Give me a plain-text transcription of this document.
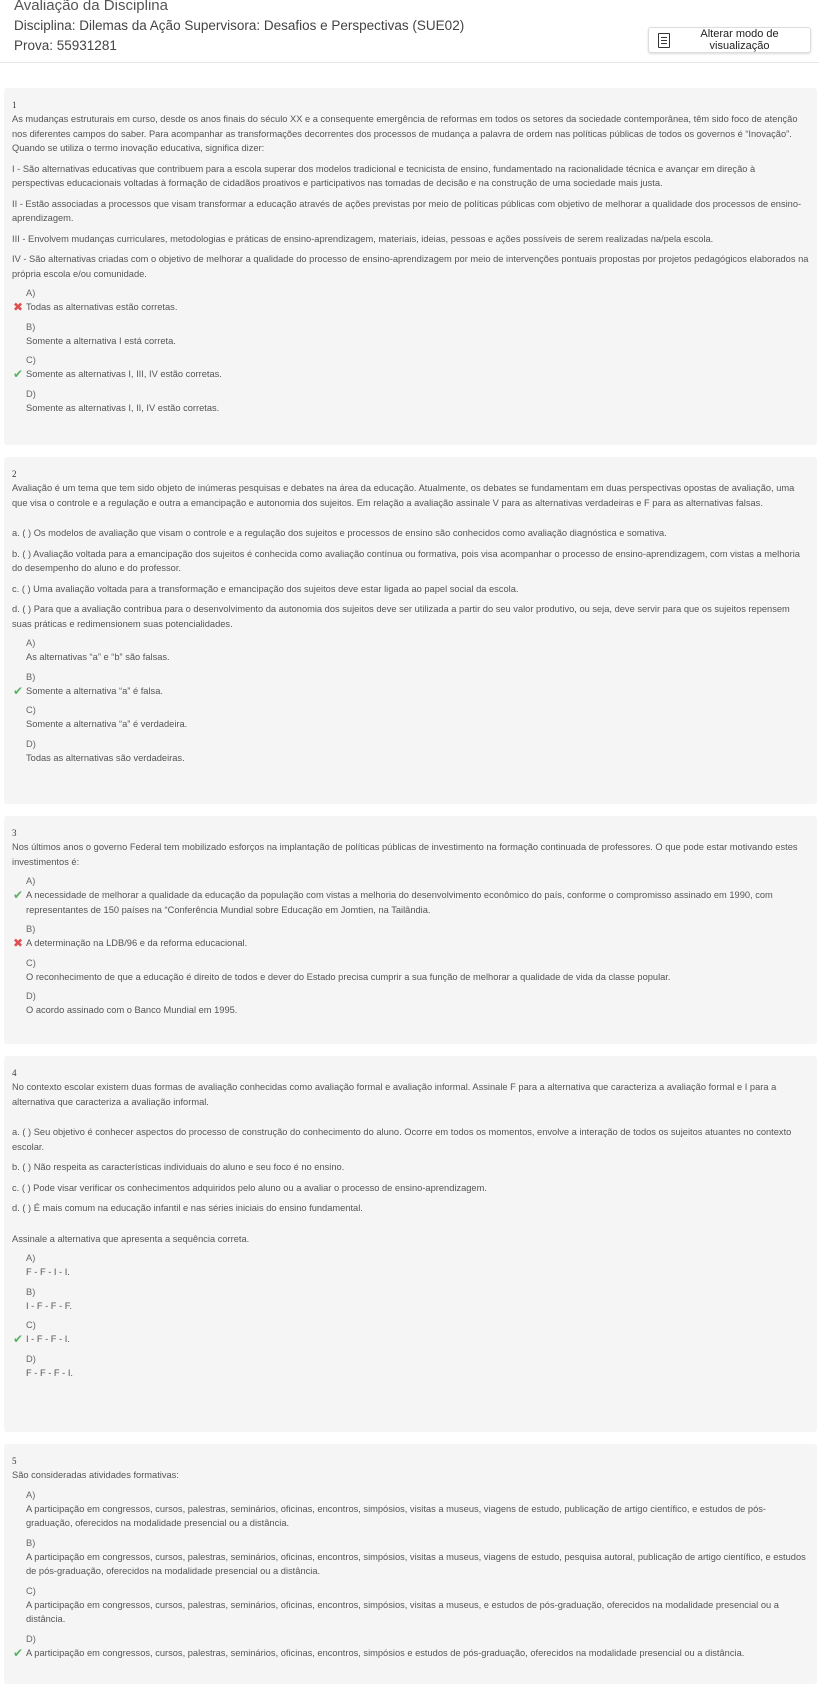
Avaliação da Disciplina
Disciplina: Dilemas da Ação Supervisora: Desafios e Perspectivas (SUE02)
Prova: 55931281
Alterar modo de visualização
1

As mudanças estruturais em curso, desde os anos finais do século XX e a consequente emergência de reformas em todos os setores da sociedade contemporânea, têm sido foco de atenção nos diferentes campos do saber. Para acompanhar as transformações decorrentes dos processos de mudança a palavra de ordem nas políticas públicas de todos os governos é “Inovação”. Quando se utiliza o termo inovação educativa, significa dizer:

I - São alternativas educativas que contribuem para a escola superar dos modelos tradicional e tecnicista de ensino, fundamentado na racionalidade técnica e avançar em direção à perspectivas educacionais voltadas à formação de cidadãos proativos e participativos nas tomadas de decisão e na construção de uma sociedade mais justa.

II - Estão associadas a processos que visam transformar a educação através de ações previstas por meio de políticas públicas com objetivo de melhorar a qualidade dos processos de ensino-aprendizagem.

III - Envolvem mudanças curriculares, metodologias e práticas de ensino-aprendizagem, materiais, ideias, pessoas e ações possíveis de serem realizadas na/pela escola.

IV - São alternativas criadas com o objetivo de melhorar a qualidade do processo de ensino-aprendizagem por meio de intervenções pontuais propostas por projetos pedagógicos elaborados na própria escola e/ou comunidade.

✖
A)
Todas as alternativas estão corretas.
B)
Somente a alternativa I está correta.
✔
C)
Somente as alternativas I, III, IV estão corretas.
D)
Somente as alternativas I, II, IV estão corretas.
2

Avaliação é um tema que tem sido objeto de inúmeras pesquisas e debates na área da educação. Atualmente, os debates se fundamentam em duas perspectivas opostas de avaliação, uma que visa o controle e a regulação e outra a emancipação e autonomia dos sujeitos. Em relação a avaliação assinale V para as alternativas verdadeiras e F para as alternativas falsas.

a. ( ) Os modelos de avaliação que visam o controle e a regulação dos sujeitos e processos de ensino são conhecidos como avaliação diagnóstica e somativa.

b. ( ) Avaliação voltada para a emancipação dos sujeitos é conhecida como avaliação contínua ou formativa, pois visa acompanhar o processo de ensino-aprendizagem, com vistas a melhoria do desempenho do aluno e do professor.

c. ( ) Uma avaliação voltada para a transformação e emancipação dos sujeitos deve estar ligada ao papel social da escola.

d. ( ) Para que a avaliação contribua para o desenvolvimento da autonomia dos sujeitos deve ser utilizada a partir do seu valor produtivo, ou seja, deve servir para que os sujeitos repensem suas práticas e redimensionem suas potencialidades.

A)
As alternativas “a” e “b” são falsas.
✔
B)
Somente a alternativa “a” é falsa.
C)
Somente a alternativa “a” é verdadeira.
D)
Todas as alternativas são verdadeiras.
3

Nos últimos anos o governo Federal tem mobilizado esforços na implantação de políticas públicas de investimento na formação continuada de professores. O que pode estar motivando estes investimentos é:

✔
A)
A necessidade de melhorar a qualidade da educação da população com vistas a melhoria do desenvolvimento econômico do país, conforme o compromisso assinado em 1990, com representantes de 150 países na “Conferência Mundial sobre Educação em Jomtien, na Tailândia.
✖
B)
A determinação na LDB/96 e da reforma educacional.
C)
O reconhecimento de que a educação é direito de todos e dever do Estado precisa cumprir a sua função de melhorar a qualidade de vida da classe popular.
D)
O acordo assinado com o Banco Mundial em 1995.
4

No contexto escolar existem duas formas de avaliação conhecidas como avaliação formal e avaliação informal. Assinale F para a alternativa que caracteriza a avaliação formal e I para a alternativa que caracteriza a avaliação informal.

a. ( ) Seu objetivo é conhecer aspectos do processo de construção do conhecimento do aluno. Ocorre em todos os momentos, envolve a interação de todos os sujeitos atuantes no contexto escolar.

b. ( ) Não respeita as características individuais do aluno e seu foco é no ensino.

c. ( ) Pode visar verificar os conhecimentos adquiridos pelo aluno ou a avaliar o processo de ensino-aprendizagem.

d. ( ) É mais comum na educação infantil e nas séries iniciais do ensino fundamental.

Assinale a alternativa que apresenta a sequência correta.

A)
F - F - I - I.
B)
I - F - F - F.
✔
C)
I - F - F - I.
D)
F - F - F - I.
5

São consideradas atividades formativas:

A)
A participação em congressos, cursos, palestras, seminários, oficinas, encontros, simpósios, visitas a museus, viagens de estudo, publicação de artigo científico, e estudos de pós-graduação, oferecidos na modalidade presencial ou a distância.
B)
A participação em congressos, cursos, palestras, seminários, oficinas, encontros, simpósios, visitas a museus, viagens de estudo, pesquisa autoral, publicação de artigo científico, e estudos de pós-graduação, oferecidos na modalidade presencial ou a distância.
C)
A participação em congressos, cursos, palestras, seminários, oficinas, encontros, simpósios, visitas a museus, e estudos de pós-graduação, oferecidos na modalidade presencial ou a distância.
✔
D)
A participação em congressos, cursos, palestras, seminários, oficinas, encontros, simpósios e estudos de pós-graduação, oferecidos na modalidade presencial ou a distância.
